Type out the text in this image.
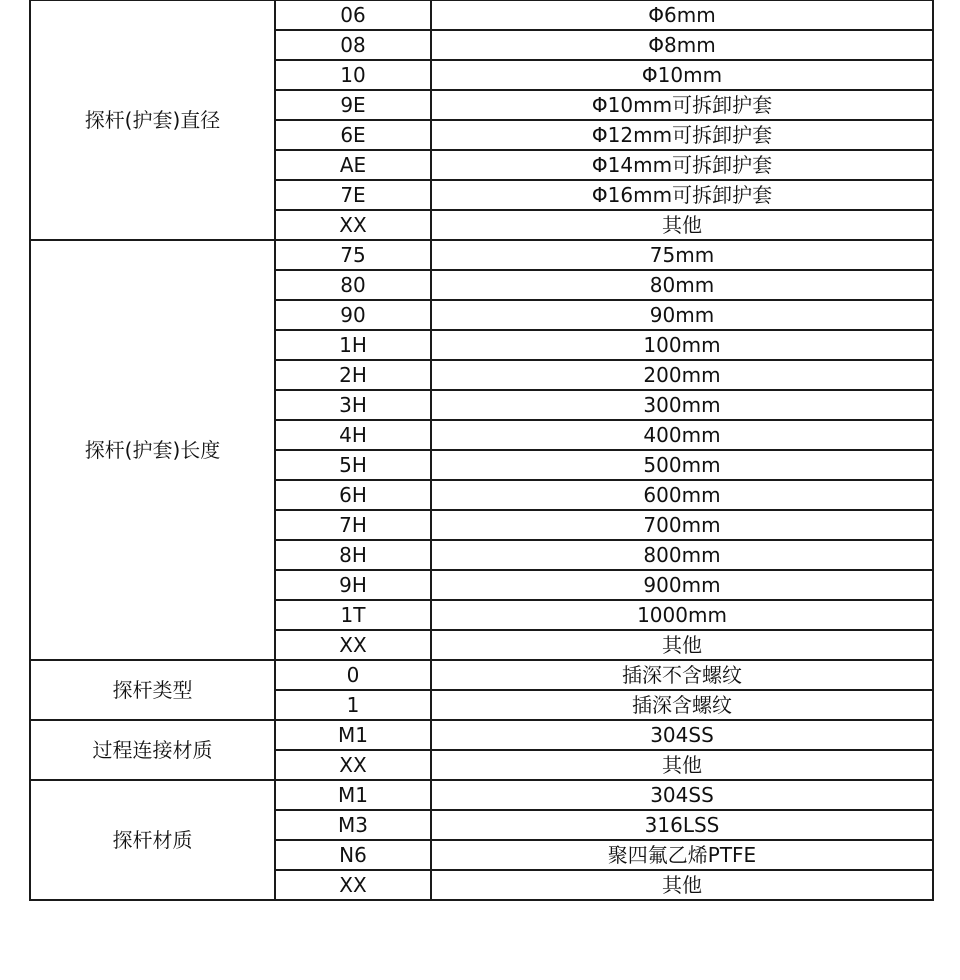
探杆(护套)直径	06	Φ6mm
	08	Φ8mm
	10	Φ10mm
	9E	Φ10mm可拆卸护套
	6E	Φ12mm可拆卸护套
	AE	Φ14mm可拆卸护套
	7E	Φ16mm可拆卸护套
	XX	其他
探杆(护套)长度	75	75mm
	80	80mm
	90	90mm
	1H	100mm
	2H	200mm
	3H	300mm
	4H	400mm
	5H	500mm
	6H	600mm
	7H	700mm
	8H	800mm
	9H	900mm
	1T	1000mm
	XX	其他
探杆类型	0	插深不含螺纹
	1	插深含螺纹
过程连接材质	M1	304SS
	XX	其他
探杆材质	M1	304SS
	M3	316LSS
	N6	聚四氟乙烯PTFE
	XX	其他
